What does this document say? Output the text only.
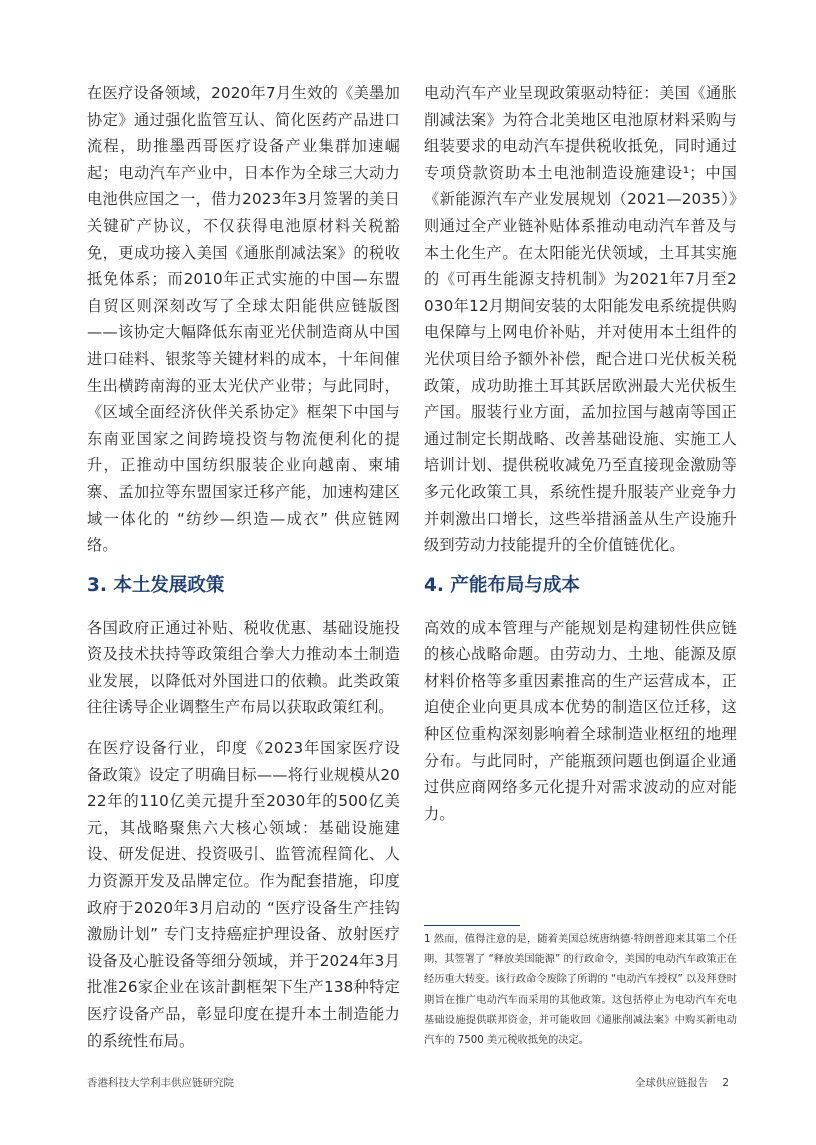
在医疗设备领域，2020年7月生效的《美墨加协定》通过强化监管互认、简化医药产品进口流程，助推墨西哥医疗设备产业集群加速崛起；电动汽车产业中，日本作为全球三大动力电池供应国之一，借力2023年3月签署的美日关键矿产协议，不仅获得电池原材料关税豁免，更成功接入美国《通胀削减法案》的税收抵免体系；而2010年正式实施的中国—东盟自贸区则深刻改写了全球太阳能供应链版图——该协定大幅降低东南亚光伏制造商从中国进口硅料、银浆等关键材料的成本，十年间催生出横跨南海的亚太光伏产业带；与此同时，《区域全面经济伙伴关系协定》框架下中国与东南亚国家之间跨境投资与物流便利化的提升，正推动中国纺织服装企业向越南、柬埔寨、孟加拉等东盟国家迁移产能，加速构建区域一体化的 “纺纱—织造—成衣” 供应链网络。

3. 本土发展政策

各国政府正通过补贴、税收优惠、基础设施投资及技术扶持等政策组合拳大力推动本土制造业发展，以降低对外国进口的依赖。此类政策往往诱导企业调整生产布局以获取政策红利。

在医疗设备行业，印度《2023年国家医疗设备政策》设定了明确目标——将行业规模从2022年的110亿美元提升至2030年的500亿美元，其战略聚焦六大核心领域：基础设施建设、研发促进、投资吸引、监管流程简化、人力资源开发及品牌定位。作为配套措施，印度政府于2020年3月启动的 “医疗设备生产挂钩激励计划” 专门支持癌症护理设备、放射医疗设备及心脏设备等细分领域，并于2024年3月批准26家企业在该計劃框架下生产138种特定医疗设备产品，彰显印度在提升本土制造能力的系统性布局。

电动汽车产业呈现政策驱动特征：美国《通胀削减法案》为符合北美地区电池原材料采购与组装要求的电动汽车提供税收抵免，同时通过专项贷款资助本土电池制造设施建设¹；中国《新能源汽车产业发展规划（2021—2035）》则通过全产业链补贴体系推动电动汽车普及与本土化生产。在太阳能光伏领域，土耳其实施的《可再生能源支持机制》为2021年7月至2030年12月期间安装的太阳能发电系统提供购电保障与上网电价补贴，并对使用本土组件的光伏项目给予额外补偿，配合进口光伏板关税政策，成功助推土耳其跃居欧洲最大光伏板生产国。服装行业方面，孟加拉国与越南等国正通过制定长期战略、改善基础设施、实施工人培训计划、提供税收减免乃至直接现金激励等多元化政策工具，系统性提升服装产业竞争力并刺激出口增长，这些举措涵盖从生产设施升级到劳动力技能提升的全价值链优化。

4. 产能布局与成本

高效的成本管理与产能规划是构建韧性供应链的核心战略命题。由劳动力、土地、能源及原材料价格等多重因素推高的生产运营成本，正迫使企业向更具成本优势的制造区位迁移，这种区位重构深刻影响着全球制造业枢纽的地理分布。与此同时，产能瓶颈问题也倒逼企业通过供应商网络多元化提升对需求波动的应对能力。

1 然而，值得注意的是，随着美国总统唐纳德·特朗普迎来其第二个任期，其签署了 “释放美国能源” 的行政命令，美国的电动汽车政策正在经历重大转变。该行政命令废除了所谓的 “电动汽车授权” 以及拜登时期旨在推广电动汽车而采用的其他政策。这包括停止为电动汽车充电基础设施提供联邦资金，并可能收回《通胀削减法案》中购买新电动汽车的 7500 美元税收抵免的决定。

香港科技大学利丰供应链研究院	全球供应链报告 2
